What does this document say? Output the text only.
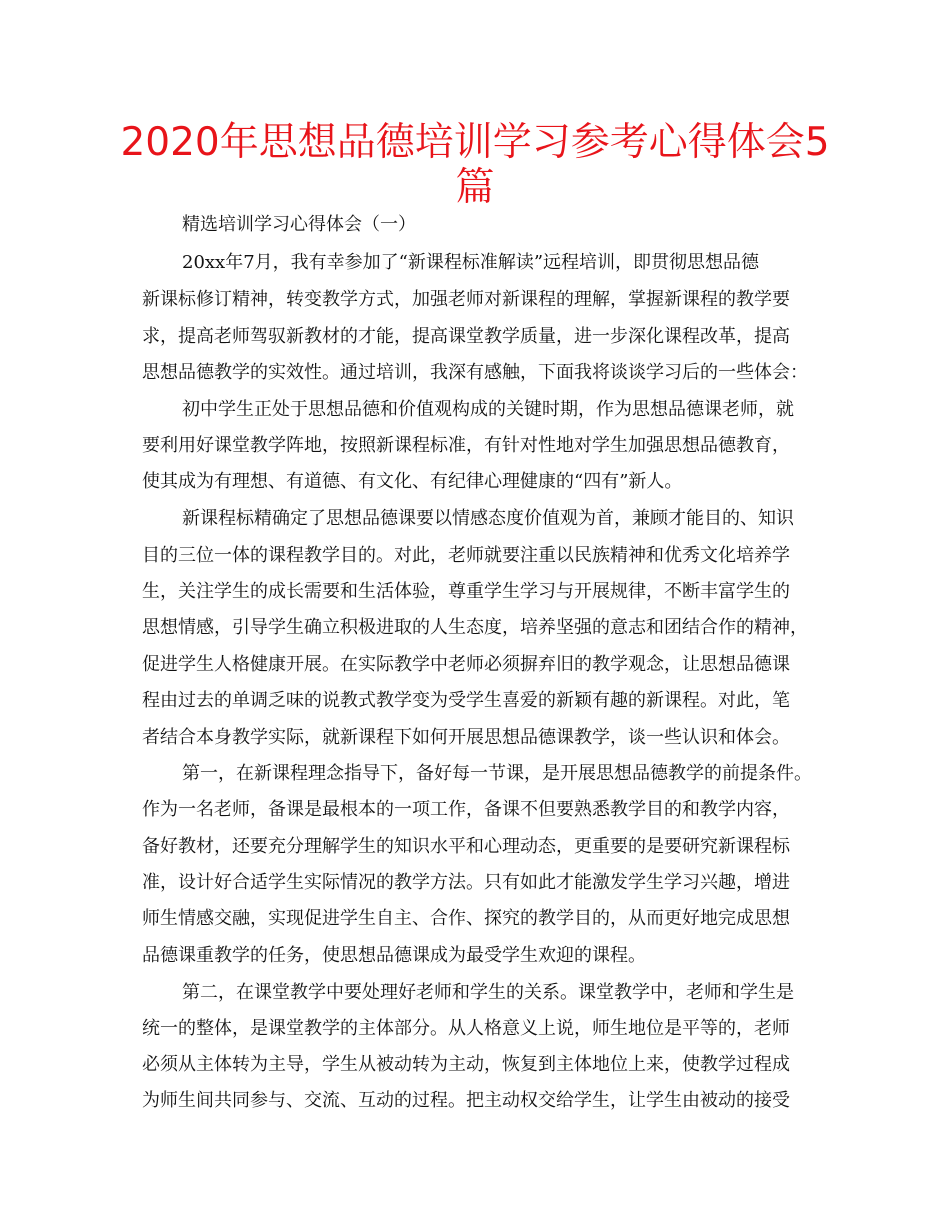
2020年思想品德培训学习参考心得体会5
篇

精选培训学习心得体会（一）

20xx年7月，我有幸参加了“新课程标准解读”远程培训，即贯彻思想品德

新课标修订精神，转变教学方式，加强老师对新课程的理解，掌握新课程的教学要

求，提高老师驾驭新教材的才能，提高课堂教学质量，进一步深化课程改革，提高

思想品德教学的实效性。通过培训，我深有感触，下面我将谈谈学习后的一些体会：

初中学生正处于思想品德和价值观构成的关键时期，作为思想品德课老师，就

要利用好课堂教学阵地，按照新课程标准，有针对性地对学生加强思想品德教育，

使其成为有理想、有道德、有文化、有纪律心理健康的“四有”新人。

新课程标精确定了思想品德课要以情感态度价值观为首，兼顾才能目的、知识

目的三位一体的课程教学目的。对此，老师就要注重以民族精神和优秀文化培养学

生，关注学生的成长需要和生活体验，尊重学生学习与开展规律，不断丰富学生的

思想情感，引导学生确立积极进取的人生态度，培养坚强的意志和团结合作的精神，

促进学生人格健康开展。在实际教学中老师必须摒弃旧的教学观念，让思想品德课

程由过去的单调乏味的说教式教学变为受学生喜爱的新颖有趣的新课程。对此，笔

者结合本身教学实际，就新课程下如何开展思想品德课教学，谈一些认识和体会。

第一，在新课程理念指导下，备好每一节课，是开展思想品德教学的前提条件。

作为一名老师，备课是最根本的一项工作，备课不但要熟悉教学目的和教学内容，

备好教材，还要充分理解学生的知识水平和心理动态，更重要的是要研究新课程标

准，设计好合适学生实际情况的教学方法。只有如此才能激发学生学习兴趣，增进

师生情感交融，实现促进学生自主、合作、探究的教学目的，从而更好地完成思想

品德课重教学的任务，使思想品德课成为最受学生欢迎的课程。

第二，在课堂教学中要处理好老师和学生的关系。课堂教学中，老师和学生是

统一的整体，是课堂教学的主体部分。从人格意义上说，师生地位是平等的，老师

必须从主体转为主导，学生从被动转为主动，恢复到主体地位上来，使教学过程成

为师生间共同参与、交流、互动的过程。把主动权交给学生，让学生由被动的接受
